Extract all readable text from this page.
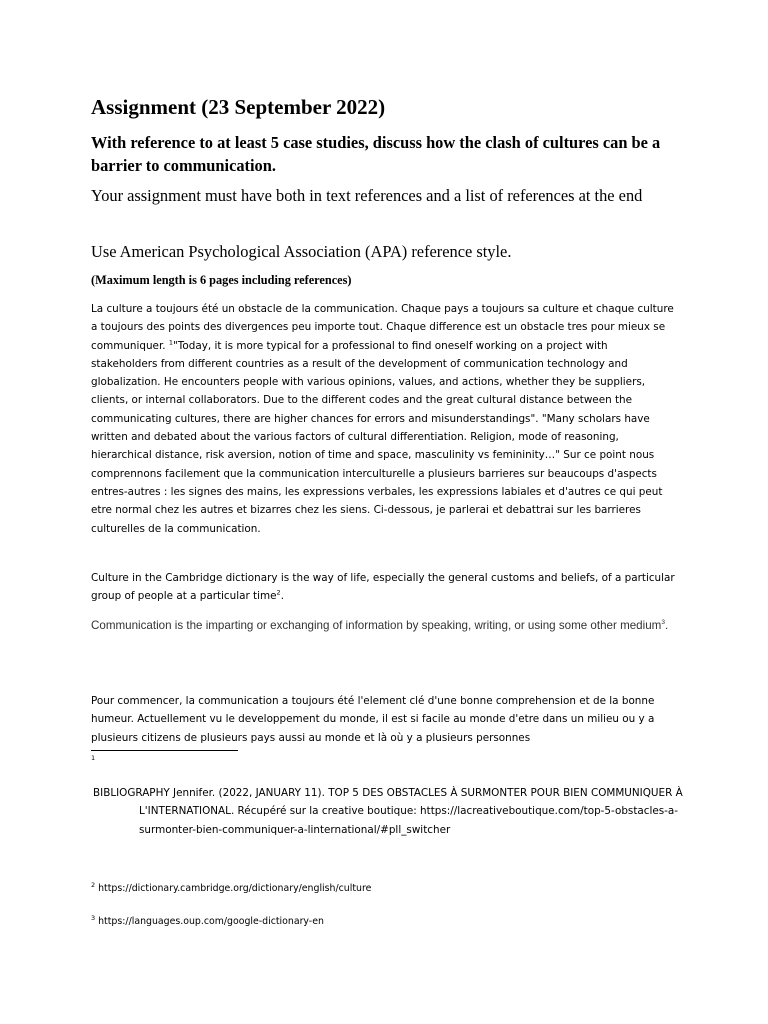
Assignment (23 September 2022)

With reference to at least 5 case studies, discuss how the clash of cultures can be a barrier to communication.

Your assignment must have both in text references and a list of references at the end

Use American Psychological Association (APA) reference style.

(Maximum length is 6 pages including references)

La culture a toujours été un obstacle de la communication. Chaque pays a toujours sa culture et chaque culture a toujours des points des divergences peu importe tout. Chaque difference est un obstacle tres pour mieux se communiquer. $^1$"Today, it is more typical for a professional to find oneself working on a project with stakeholders from different countries as a result of the development of communication technology and globalization. He encounters people with various opinions, values, and actions, whether they be suppliers, clients, or internal collaborators. Due to the different codes and the great cultural distance between the communicating cultures, there are higher chances for errors and misunderstandings". "Many scholars have written and debated about the various factors of cultural differentiation. Religion, mode of reasoning, hierarchical distance, risk aversion, notion of time and space, masculinity vs femininity…" Sur ce point nous comprennons facilement que la communication interculturelle a plusieurs barrieres sur beaucoups d'aspects entres-autres : les signes des mains, les expressions verbales, les expressions labiales et d'autres ce qui peut etre normal chez les autres et bizarres chez les siens. Ci-dessous, je parlerai et debattrai sur les barrieres culturelles de la communication.

Culture in the Cambridge dictionary is the way of life, especially the general customs and beliefs, of a particular group of people at a particular time$^2$.

Communication is the imparting or exchanging of information by speaking, writing, or using some other medium$^3$.

Pour commencer, la communication a toujours été l'element clé d'une bonne comprehension et de la bonne humeur. Actuellement vu le developpement du monde, il est si facile au monde d'etre dans un milieu ou y a plusieurs citizens de plusieurs pays aussi au monde et là où y a plusieurs personnes

1

BIBLIOGRAPHY Jennifer. (2022, JANUARY 11). TOP 5 DES OBSTACLES À SURMONTER POUR BIEN COMMUNIQUER À L'INTERNATIONAL. Récupéré sur la creative boutique: https://lacreativeboutique.com/top-5-obstacles-a-surmonter-bien-communiquer-a-linternational/#pll_switcher

$^2$ https://dictionary.cambridge.org/dictionary/english/culture

$^3$ https://languages.oup.com/google-dictionary-en
